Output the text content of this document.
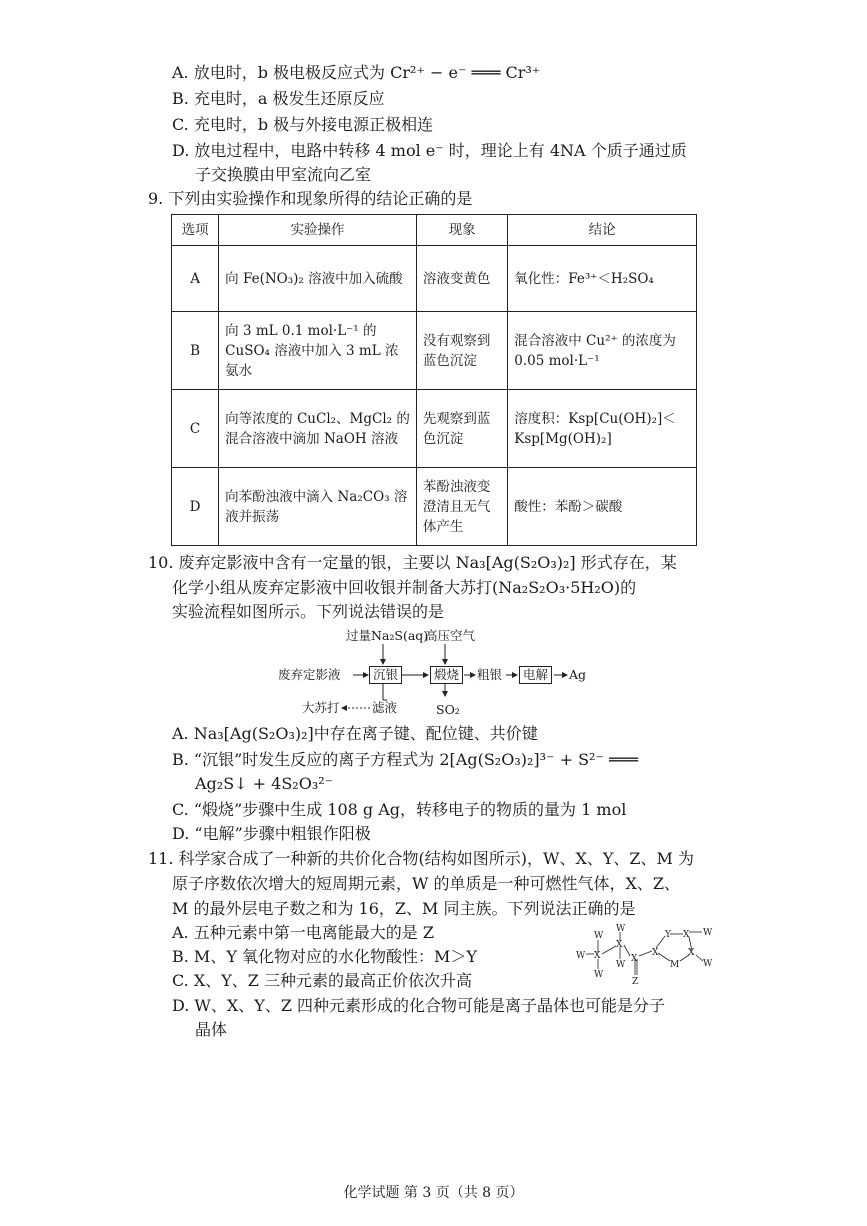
A. 放电时，b 极电极反应式为 Cr²⁺ − e⁻ ═══ Cr³⁺
B. 充电时，a 极发生还原反应
C. 充电时，b 极与外接电源正极相连
D. 放电过程中，电路中转移 4 mol e⁻ 时，理论上有 4NA 个质子通过质
子交换膜由甲室流向乙室
9. 下列由实验操作和现象所得的结论正确的是
选项	实验操作	现象	结论
A	向 Fe(NO₃)₂ 溶液中加入硫酸	溶液变黄色	氧化性：Fe³⁺＜H₂SO₄
B	向 3 mL 0.1 mol·L⁻¹ 的 CuSO₄ 溶液中加入 3 mL 浓氨水	没有观察到蓝色沉淀	混合溶液中 Cu²⁺ 的浓度为 0.05 mol·L⁻¹
C	向等浓度的 CuCl₂、MgCl₂ 的混合溶液中滴加 NaOH 溶液	先观察到蓝色沉淀	溶度积：Ksp[Cu(OH)₂]＜Ksp[Mg(OH)₂]
D	向苯酚浊液中滴入 Na₂CO₃ 溶液并振荡	苯酚浊液变澄清且无气体产生	酸性：苯酚＞碳酸
10. 废弃定影液中含有一定量的银，主要以 Na₃[Ag(S₂O₃)₂] 形式存在，某
化学小组从废弃定影液中回收银并制备大苏打(Na₂S₂O₃·5H₂O)的
实验流程如图所示。下列说法错误的是
过量Na₂S(aq)
高压空气
废弃定影液	沉银	煅烧	粗银	电解	Ag
大苏打	滤液	SO₂
A. Na₃[Ag(S₂O₃)₂]中存在离子键、配位键、共价键
B. “沉银”时发生反应的离子方程式为 2[Ag(S₂O₃)₂]³⁻ + S²⁻ ═══
Ag₂S↓ + 4S₂O₃²⁻
C. “煅烧”步骤中生成 108 g Ag，转移电子的物质的量为 1 mol
D. “电解”步骤中粗银作阳极
11. 科学家合成了一种新的共价化合物(结构如图所示)，W、X、Y、Z、M 为
原子序数依次增大的短周期元素，W 的单质是一种可燃性气体，X、Z、
M 的最外层电子数之和为 16，Z、M 同主族。下列说法正确的是
A. 五种元素中第一电离能最大的是 Z
B. M、Y 氧化物对应的水化物酸性：M＞Y
C. X、Y、Z 三种元素的最高正价依次升高
D. W、X、Y、Z 四种元素形成的化合物可能是离子晶体也可能是分子
晶体
W
W X
W
W
X
W
X
Z
X
Y X W
M
X
W
化学试题 第 3 页（共 8 页）
